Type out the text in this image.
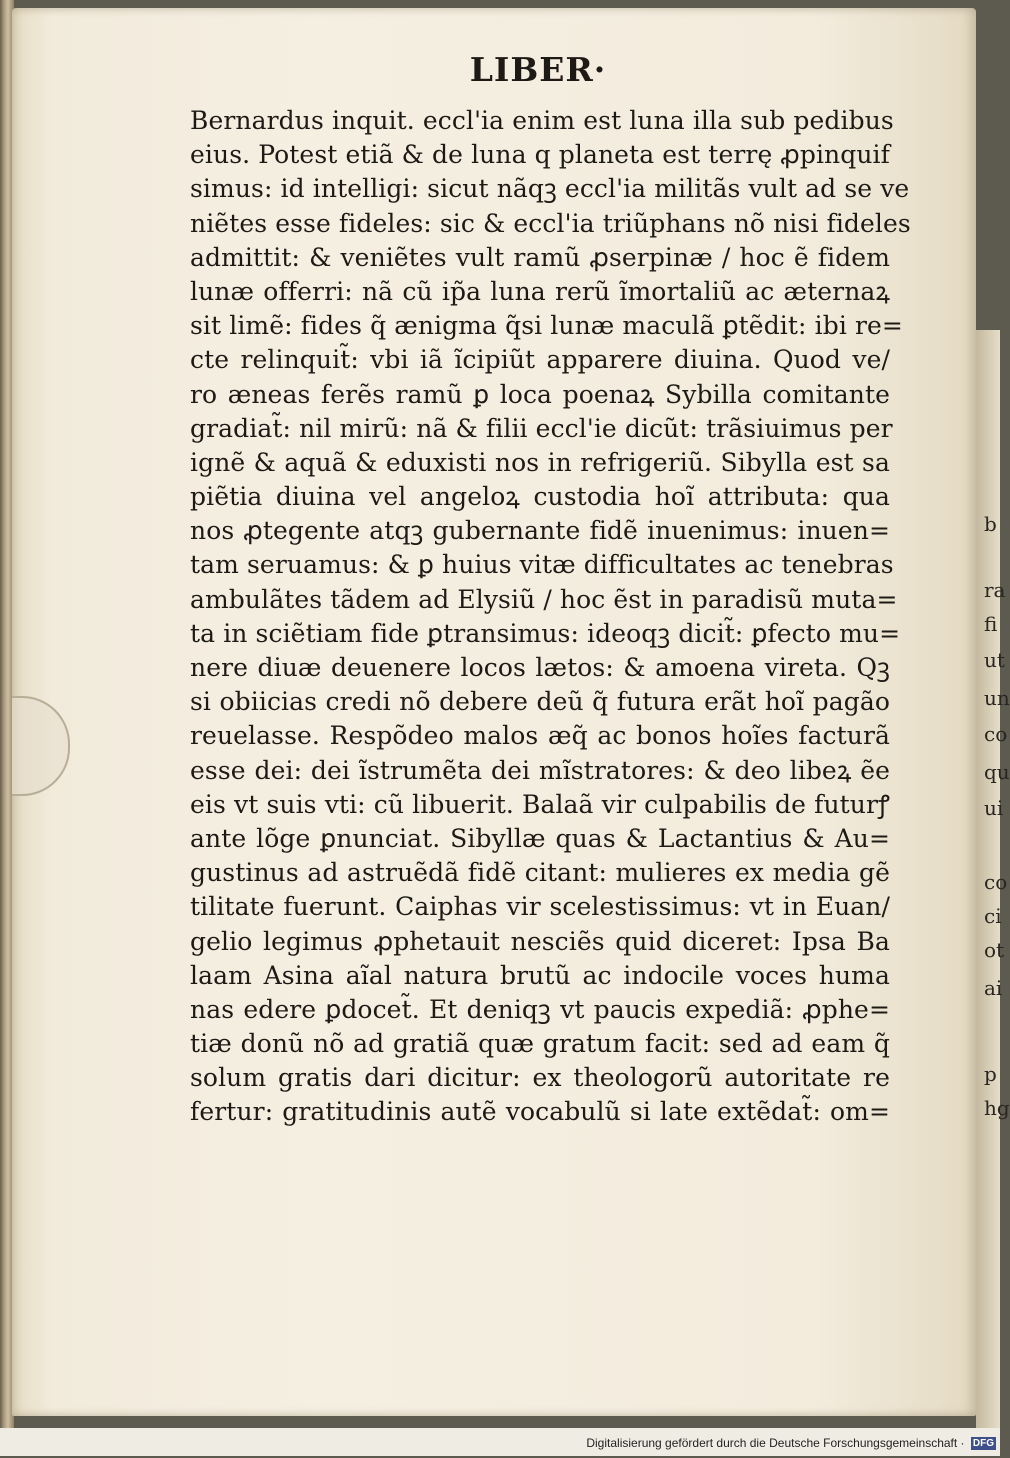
b
ra
fi
ut
un
co
qu
ui
co
ci
ot
ai
p
hg
LIBER·
Bernardus inquit. eccl'ia enim est luna illa sub pedibus
eius. Potest etiã & de luna q planeta est terrę ꝓpinquif
simus: id intelligi: sicut nãqꝫ eccl'ia militãs vult ad se ve
niẽtes esse fideles: sic & eccl'ia triũphans nõ nisi fideles
admittit: & veniẽtes vult ramũ ꝓserpinæ / hoc ẽ fidem
lunæ offerri: nã cũ ip̃a luna rerũ ĩmortaliũ ac æternaꝝ
sit limẽ: fides q̃ ænigma q̃si lunæ maculã ꝑtẽdit: ibi re=
cte relinquit̃: vbi iã ĩcipiũt apparere diuina. Quod ve/
ro æneas ferẽs ramũ ꝑ loca poenaꝝ Sybilla comitante
gradiat̃: nil mirũ: nã & filii eccl'ie dicũt: trãsiuimus per
ignẽ & aquã & eduxisti nos in refrigeriũ. Sibylla est sa
piẽtia diuina vel angeloꝝ custodia hoĩ attributa: qua
nos ꝓtegente atqꝫ gubernante fidẽ inuenimus: inuen=
tam seruamus: & ꝑ huius vitæ difficultates ac tenebras
ambulãtes tãdem ad Elysiũ / hoc ẽst in paradisũ muta=
ta in sciẽtiam fide ꝑtransimus: ideoqꝫ dicit̃: ꝑfecto mu=
nere diuæ deuenere locos lætos: & amoena vireta. Qꝫ
si obiicias credi nõ debere deũ q̃ futura erãt hoĩ pagão
reuelasse. Respõdeo malos æq̃ ac bonos hoĩes facturã
esse dei: dei ĩstrumẽta dei mĩstratores: & deo libeꝝ ẽe
eis vt suis vti: cũ libuerit. Balaã vir culpabilis de futurꝭ
ante lõge ꝑnunciat. Sibyllæ quas & Lactantius & Au=
gustinus ad astruẽdã fidẽ citant: mulieres ex media gẽ
tilitate fuerunt. Caiphas vir scelestissimus: vt in Euan/
gelio legimus ꝓphetauit nesciẽs quid diceret: Ipsa Ba
laam Asina aĩal natura brutũ ac indocile voces huma
nas edere ꝑdocet̃. Et deniqꝫ vt paucis expediã: ꝓphe=
tiæ donũ nõ ad gratiã quæ gratum facit: sed ad eam q̃
solum gratis dari dicitur: ex theologorũ autoritate re
fertur: gratitudinis autẽ vocabulũ si late extẽdat̃: om=
Digitalisierung gefördert durch die Deutsche Forschungsgemeinschaft · DFG
